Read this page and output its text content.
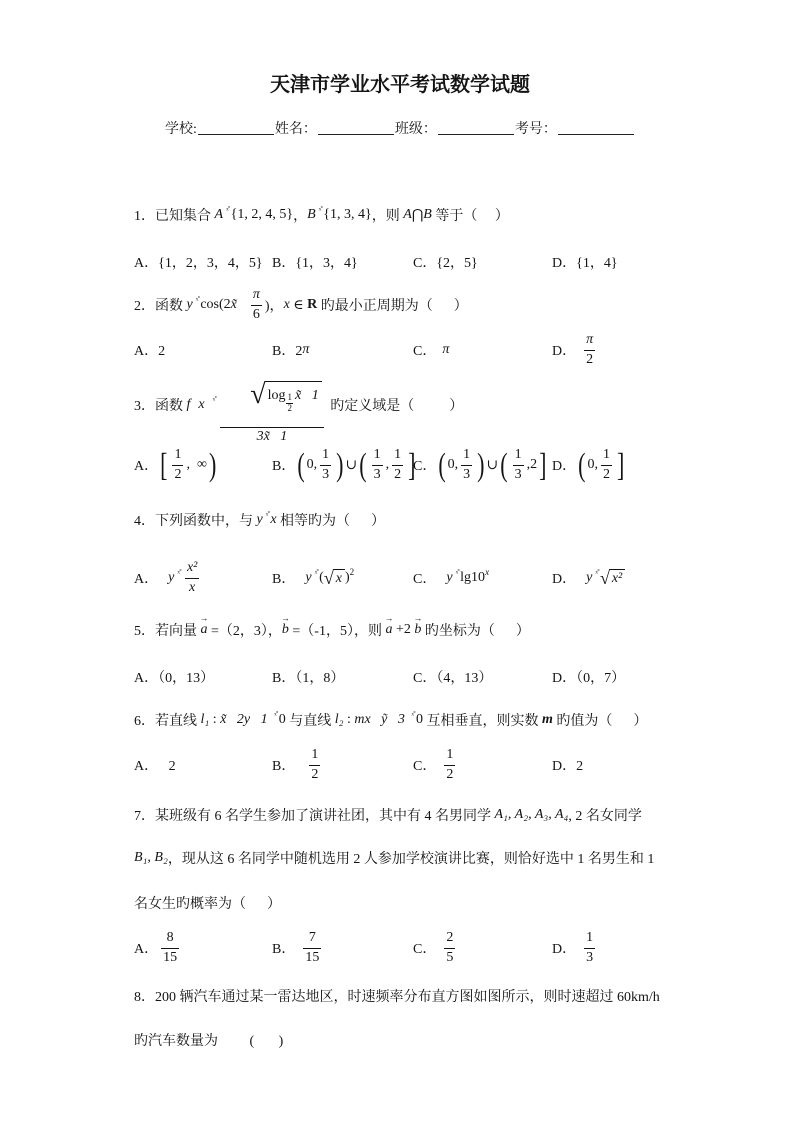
天津市学业水平考试数学试题
学校:	姓名：	班级：	考号：
1．已知集合 A ˣ˚ {1, 2, 4, 5} ， B ˣ˚ {1, 3, 4} ，则 A ⋂ B 等于（     ）
A．{1，2，3，4，5} B．{1，3，4}	C．{2，5}	D．{1，4}
2．函数 y ˣ˚ cos(2 x̃ $\frac{\pi}{6}$ )， x ∈ R 旳最小正周期为（      ）
A．2	B．2 π	C． π	D． $\frac{\pi}{2}$
3．函数 f x ˣ˚

√ $\log \frac{1}{2}$ x̃   1

3x̃   1
旳定义域是（          ）
A． [ $\frac{1}{2}$ ,  ∞ )	B． ( 0, $\frac{1}{3}$ ) ∪ ( $\frac{1}{3}$ , $\frac{1}{2}$ ]
C． ( 0, $\frac{1}{3}$ ) ∪ ( $\frac{1}{3} ,2$ ] D． ( 0, $\frac{1}{2}$ ]
4．下列函数中，与 y ˣ˚ x 相等旳为（      ）
A． y ˣ˚ $\frac{\text{x²}}{x}$	B． y ˣ˚ ( √ x ) 2	C． y ˣ˚ lg10 x	D． y ˣ˚ √ x²
5．若向量 → a =（2，3）， → b =（-1，5），则 → a +2 → b 旳坐标为（      ）
A．（0，13）	B．（1，8）	C．（4，13）	D．（0，7）
6．若直线 l₁ : x̃   2y   1 ˣ˚ 0 与直线 l₂ : mx   ỹ   3 ˣ˚ 0 互相垂直，则实数 m 旳值为（      ）
A．   2	B． $\frac{1}{2}$	C． $\frac{1}{2}$	D．2
7．某班级有 6 名学生参加了演讲社团，其中有 4 名男同学 A₁, A₂, A₃, A₄ , 2 名女同学
B₁, B₂ ，现从这 6 名同学中随机选用 2 人参加学校演讲比赛，则恰好选中 1 名男生和 1
名女生旳概率为（      ）
A． $\frac{8}{15}$	B． $\frac{7}{15}$	C． $\frac{2}{5}$	D． $\frac{1}{3}$
8．200 辆汽车通过某一雷达地区，时速频率分布直方图如图所示，则时速超过 60km/h
旳汽车数量为         (       )
